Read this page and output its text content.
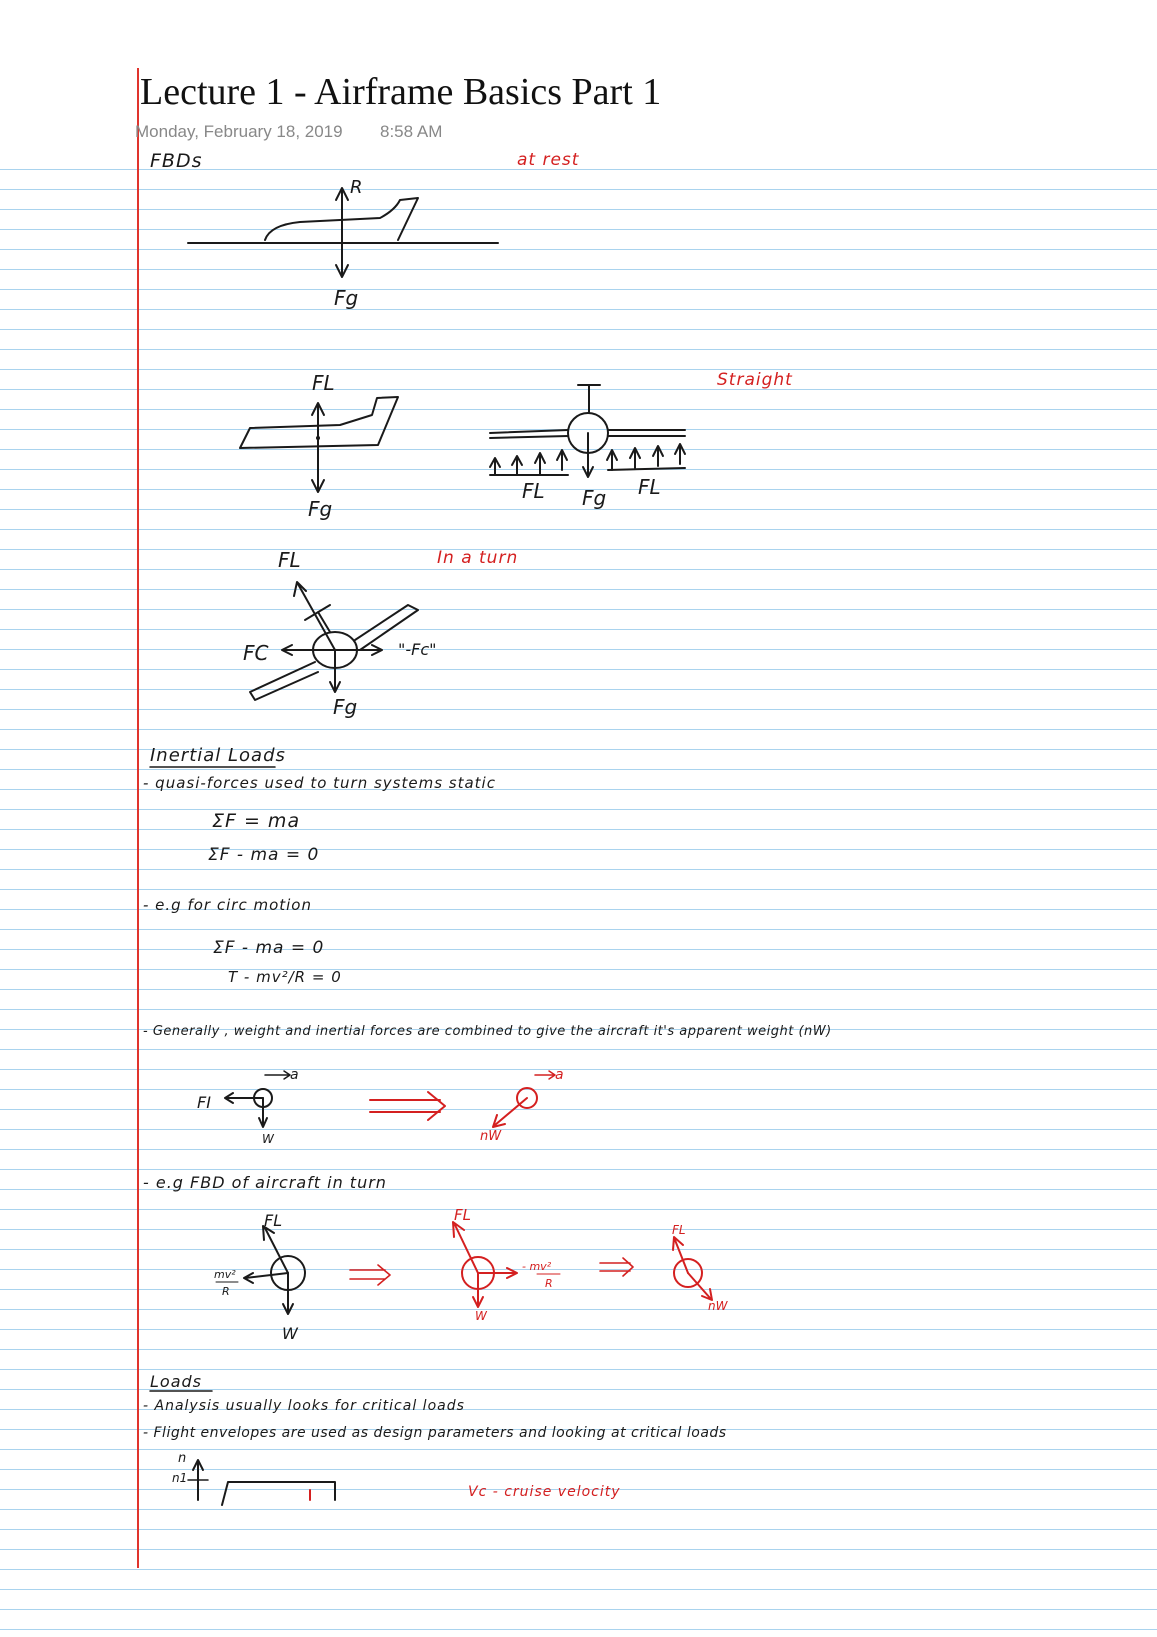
Lecture 1 - Airframe Basics Part 1
Monday, February 18, 2019 8:58 AM
FBDs	at rest
Straight
In a turn
R
Fg
FL
Fg
FL Fg FL
FL
FC	"-Fc"
Fg
FI
a
W
a
nW
FL
mv²
R
W
FL
- mv²
R
W
FL
nW
n
n1
Inertial Loads
- quasi-forces used to turn systems static
ΣF = ma
ΣF - ma = 0
- e.g for circ motion
ΣF - ma = 0
T - mv²/R = 0
- Generally , weight and inertial forces are combined to give the aircraft it's apparent weight (nW)
- e.g FBD of aircraft in turn
Loads
- Analysis usually looks for critical loads
- Flight envelopes are used as design parameters and looking at critical loads
Vc - cruise velocity
